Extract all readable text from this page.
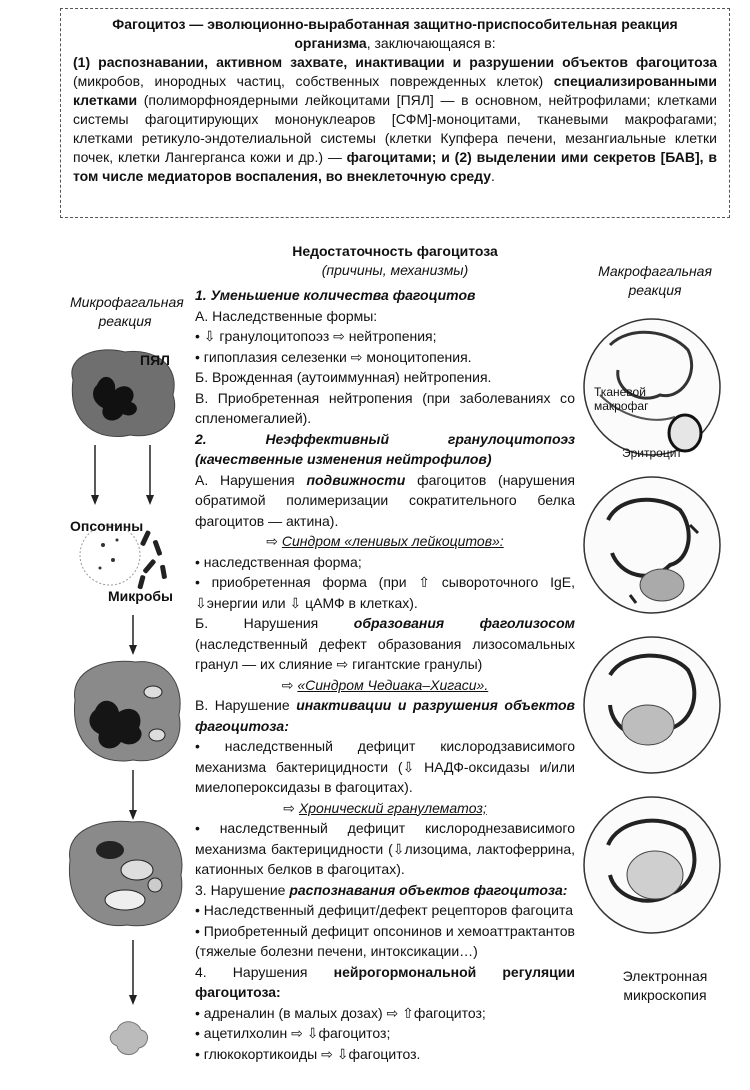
Фагоцитоз — эволюционно-выработанная защитно-приспособительная реакция организма, заключающаяся в:
(1) распознавании, активном захвате, инактивации и разрушении объектов фагоцитоза (микробов, инородных частиц, собственных поврежденных клеток) специализированными клетками (полиморфноядерными лейкоцитами [ПЯЛ] — в основном, нейтрофилами; клетками системы фагоцитирующих мононуклеаров [СФМ]-моноцитами, тканевыми макрофагами; клетками ретикуло-эндотелиальной системы (клетки Купфера печени, мезангиальные клетки почек, клетки Лангерганса кожи и др.) — фагоцитами; и (2) выделении ими секретов [БАВ], в том числе медиаторов воспаления, во внеклеточную среду.
Недостаточность фагоцитоза
(причины, механизмы)
Микрофагальная реакция
Макрофагальная реакция
ПЯЛ
Опсонины
Микробы

1. Уменьшение количества фагоцитов

А. Наследственные формы:

• ⇩ гранулоцитопоэз ⇨ нейтропения;

• гипоплазия селезенки ⇨ моноцитопения.

Б. Врожденная (аутоиммунная) нейтропения.

В. Приобретенная нейтропения (при заболеваниях со спленомегалией).

2. Неэффективный гранулоцитопоэз (качественные изменения нейтрофилов)

А. Нарушения подвижности фагоцитов (нарушения обратимой полимеризации сократительного белка фагоцитов — актина).

⇨ Синдром «ленивых лейкоцитов»:

• наследственная форма;

• приобретенная форма (при ⇧ сывороточного IgE, ⇩энергии или ⇩ цАМФ в клетках).

Б. Нарушения образования фаголизосом (наследственный дефект образования лизосомальных гранул — их слияние ⇨ гигантские гранулы)

⇨ «Синдром Чедиака–Хигаси».

В. Нарушение инактивации и разрушения объектов фагоцитоза:

• наследственный дефицит кислородзависимого механизма бактерицидности (⇩ НАДФ-оксидазы и/или миелопероксидазы в фагоцитах).

⇨ Хронический гранулематоз;

• наследственный дефицит кислороднезависимого механизма бактерицидности (⇩лизоцима, лактоферрина, катионных белков в фагоцитах).

3. Нарушение распознавания объектов фагоцитоза:

• Наследственный дефицит/дефект рецепторов фагоцита

• Приобретенный дефицит опсонинов и хемоаттрактантов (тяжелые болезни печени, интоксикации…)

4. Нарушения нейрогормональной регуляции фагоцитоза:

• адреналин (в малых дозах) ⇨ ⇧фагоцитоз;

• ацетилхолин ⇨ ⇩фагоцитоз;

• глюкокортикоиды ⇨ ⇩фагоцитоз.

Тканевой макрофаг
Эритроцит
Электронная микроскопия
